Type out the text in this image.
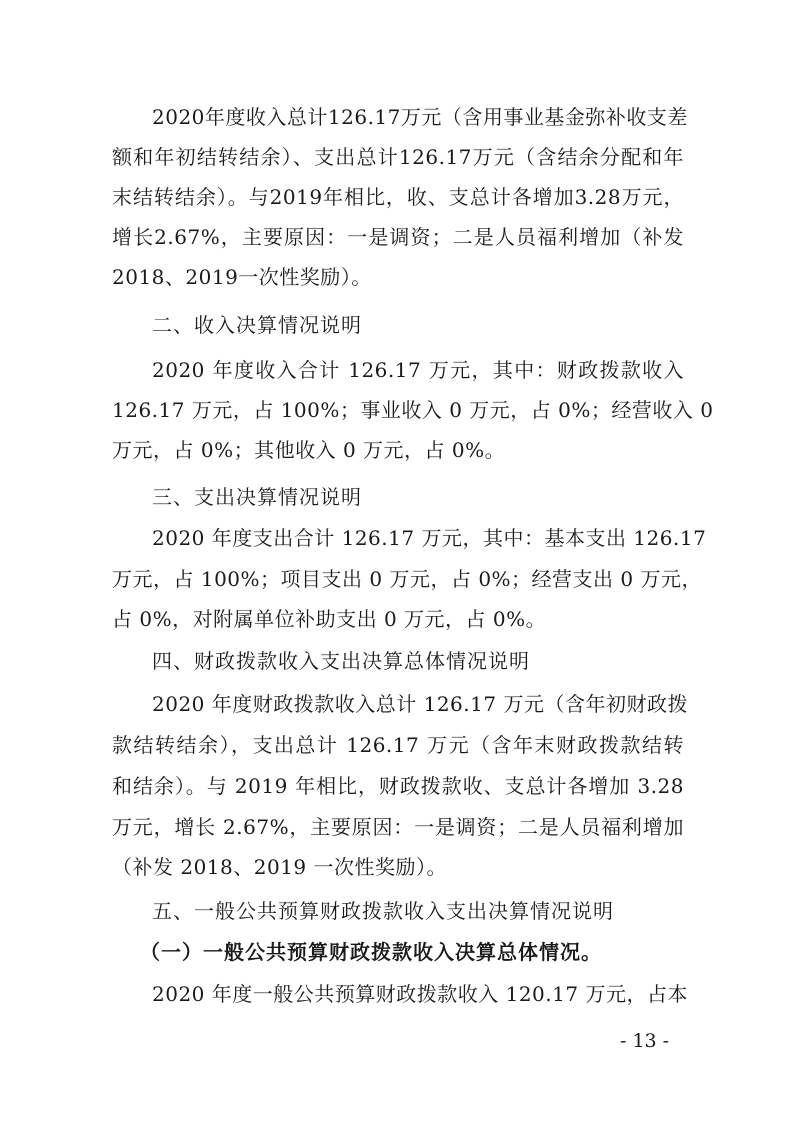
2020年度收入总计126.17万元（含用事业基金弥补收支差
额和年初结转结余）、支出总计126.17万元（含结余分配和年
末结转结余）。与2019年相比，收、支总计各增加3.28万元，
增长2.67%，主要原因：一是调资；二是人员福利增加（补发
2018、2019一次性奖励）。
二、收入决算情况说明
2020 年度收入合计 126.17 万元，其中：财政拨款收入
126.17 万元，占 100%；事业收入 0 万元，占 0%；经营收入 0
万元，占 0%；其他收入 0 万元，占 0%。
三、支出决算情况说明
2020 年度支出合计 126.17 万元，其中：基本支出 126.17
万元，占 100%；项目支出 0 万元，占 0%；经营支出 0 万元，
占 0%，对附属单位补助支出 0 万元，占 0%。
四、财政拨款收入支出决算总体情况说明
2020 年度财政拨款收入总计 126.17 万元（含年初财政拨
款结转结余），支出总计 126.17 万元（含年末财政拨款结转
和结余）。与 2019 年相比，财政拨款收、支总计各增加 3.28
万元，增长 2.67%，主要原因：一是调资；二是人员福利增加
（补发 2018、2019 一次性奖励）。
五、一般公共预算财政拨款收入支出决算情况说明
（一）一般公共预算财政拨款收入决算总体情况。
2020 年度一般公共预算财政拨款收入 120.17 万元，占本
- 13 -
